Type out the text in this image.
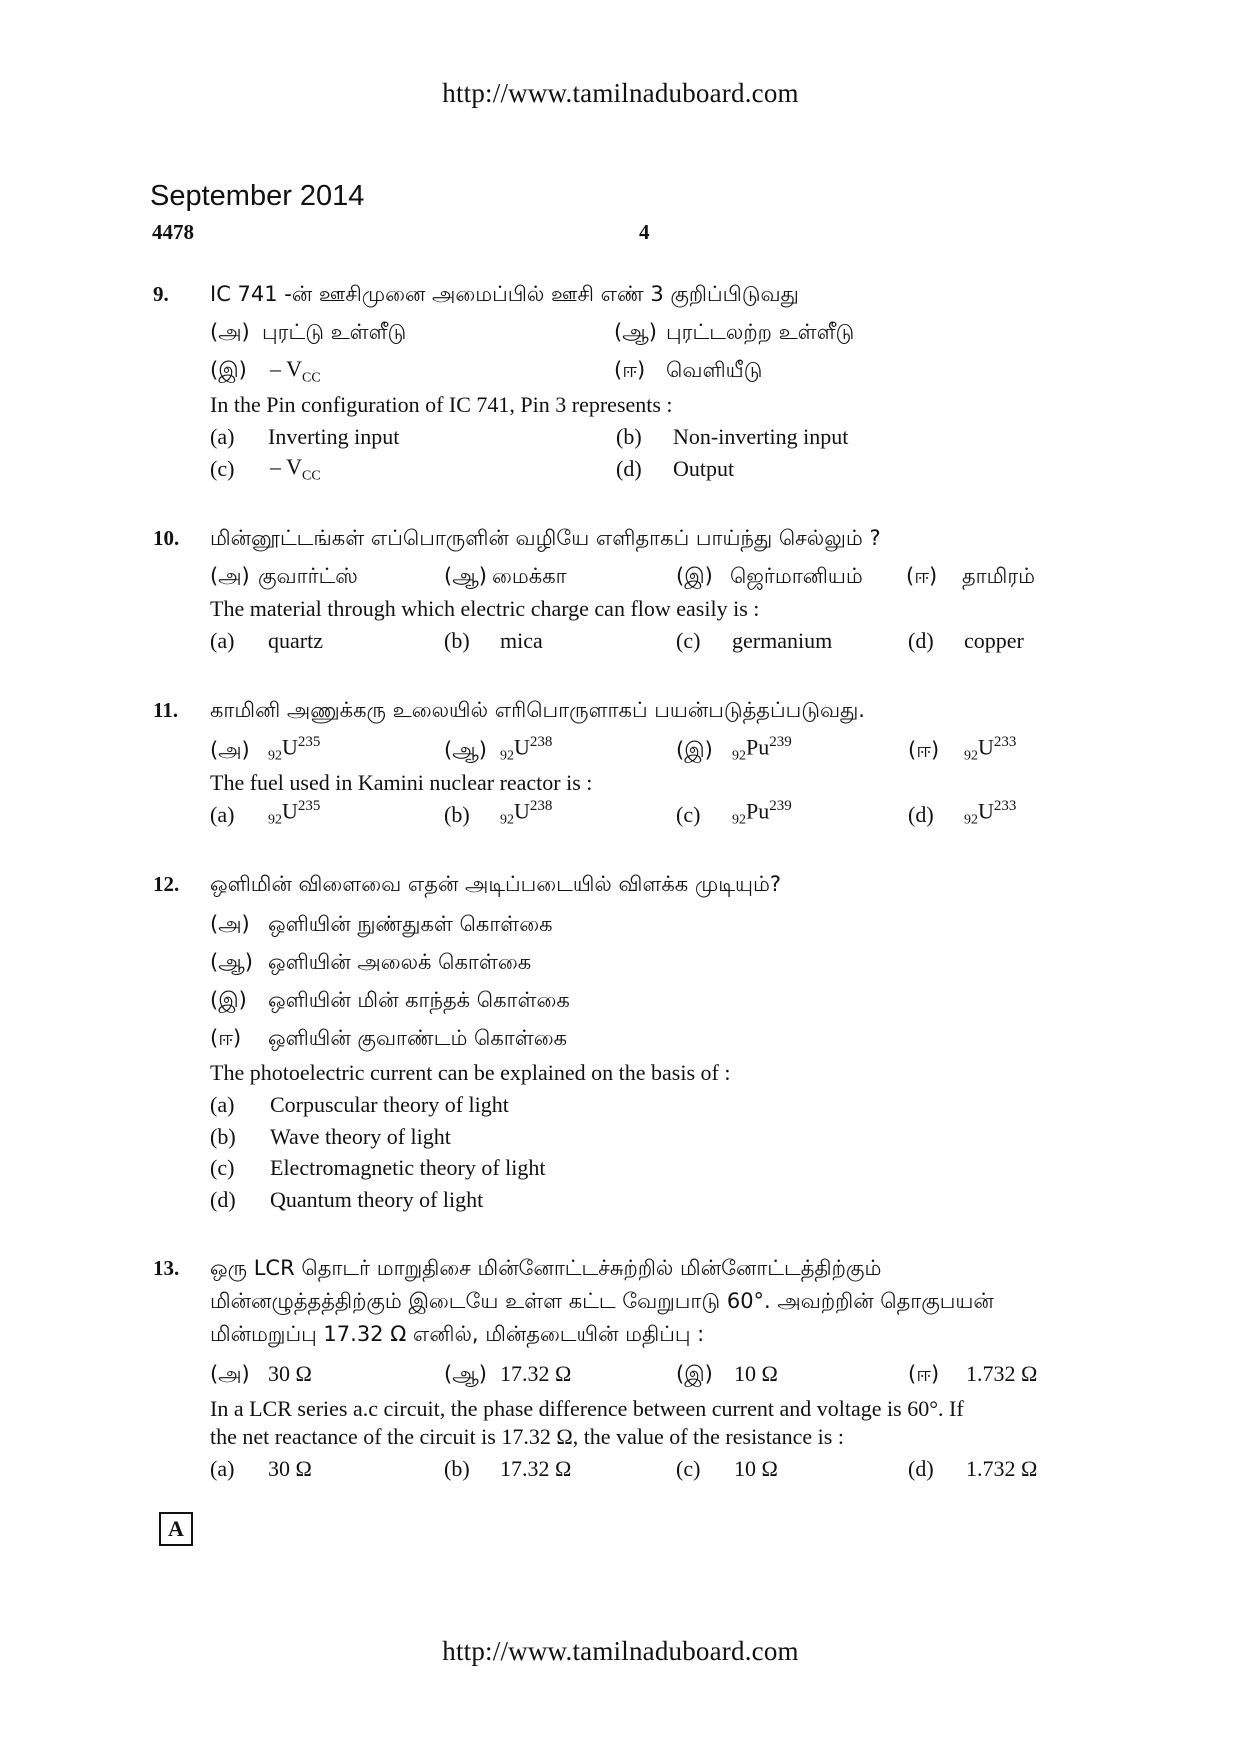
http://www.tamilnaduboard.com
September 2014
4478	4
9. IC 741 -ன் ஊசிமுனை அமைப்பில் ஊசி எண் 3 குறிப்பிடுவது
(அ) புரட்டு உள்ளீடு	(ஆ) புரட்டலற்ற உள்ளீடு
(இ) – $V_{CC}$	(ஈ) வெளியீடு
In the Pin configuration of IC 741, Pin 3 represents :
(a) Inverting input	(b) Non-inverting input
$(c) - V_{CC}$	(d) Output
10. மின்னூட்டங்கள் எப்பொருளின் வழியே எளிதாகப் பாய்ந்து செல்லும் ?
(அ) குவார்ட்ஸ்	(ஆ) மைக்கா	(இ) ஜெர்மானியம் (ஈ) தாமிரம்
The material through which electric charge can flow easily is :
(a) quartz	(b) mica	(c) germanium	(d) copper
11. காமினி அணுக்கரு உலையில் எரிபொருளாகப் பயன்படுத்தப்படுவது.
(அ) $_{92}U^{235}$	(ஆ) $_{92}U^{238}$	(இ) $_{92}Pu^{239}$	(ஈ) $_{92}U^{233}$
The fuel used in Kamini nuclear reactor is :
(a) $_{92}U^{235}$	(b) $_{92}U^{238}$	(c) $_{92}Pu^{239}$	(d) $_{92}U^{233}$
12. ஒளிமின் விளைவை எதன் அடிப்படையில் விளக்க முடியும்?
(அ) ஒளியின் நுண்துகள் கொள்கை
(ஆ) ஒளியின் அலைக் கொள்கை
(இ) ஒளியின் மின் காந்தக் கொள்கை
(ஈ) ஒளியின் குவாண்டம் கொள்கை
The photoelectric current can be explained on the basis of :
(a) Corpuscular theory of light
(b) Wave theory of light
(c) Electromagnetic theory of light
(d) Quantum theory of light
13. ஒரு LCR தொடர் மாறுதிசை மின்னோட்டச்சுற்றில் மின்னோட்டத்திற்கும்
மின்னழுத்தத்திற்கும் இடையே உள்ள கட்ட வேறுபாடு 60°. அவற்றின் தொகுபயன்
மின்மறுப்பு 17.32 Ω எனில், மின்தடையின் மதிப்பு :
(அ) 30 Ω	(ஆ) 17.32 Ω	(இ) 10 Ω	(ஈ) 1.732 Ω
In a LCR series a.c circuit, the phase difference between current and voltage is 60°. If
the net reactance of the circuit is 17.32 Ω, the value of the resistance is :
(a) 30 Ω	(b) 17.32 Ω	(c) 10 Ω	(d) 1.732 Ω
A
http://www.tamilnaduboard.com
